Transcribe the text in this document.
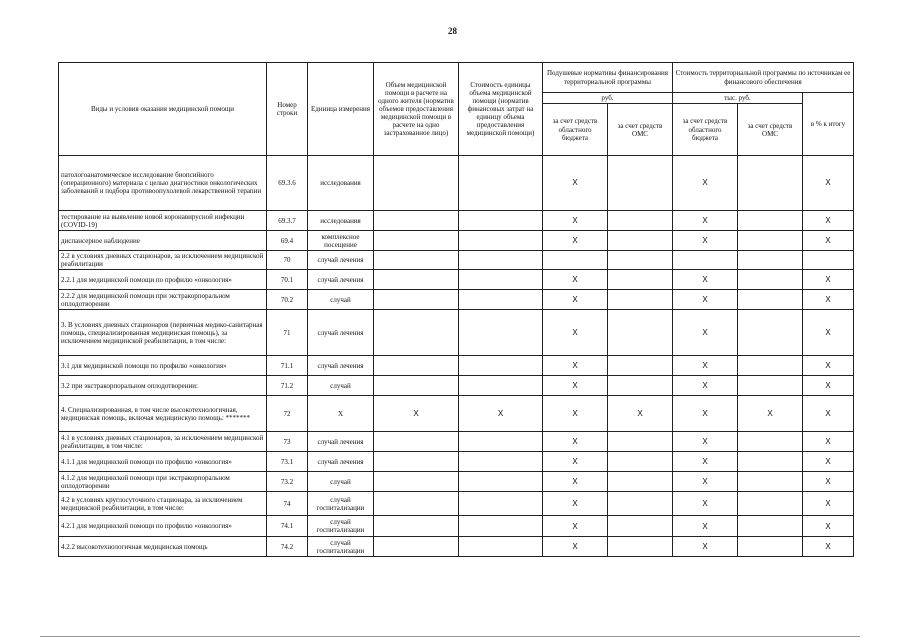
28
Виды и условия оказания медицинской помощи	Номер строки	Единица измерения	Объем медицинской помощи в расчете на одного жителя (норматив объемов предоставления медицинской помощи в расчете на одно застрахованное лицо)	Стоимость единицы объема медицинской помощи (норматив финансовых затрат на единицу объема предоставления медицинской помощи)	Подушевые нормативы финансирования территориальной программы		Стоимость территориальной программы по источникам ее финансового обеспечения		
					руб.		тыс. руб.		в % к итогу
					за счет средств областного бюджета	за счет средств ОМС	за счет средств областного бюджета	за счет средств ОМС	
патологоанатомическое исследование биопсийного (операционного) материала с целью диагностики онкологических заболеваний и подбора противоопухолевой лекарственной терапии	69.3.6	исследования			X		X		X
тестирование на выявление новой коронавирусной инфекции (COVID-19)	69.3.7	исследования			X		X		X
диспансерное наблюдение	69.4	комплексное посещение			X		X		X
2.2 в условиях дневных стационаров, за исключением медицинской реабилитации	70	случай лечения							
2.2.1 для медицинской помощи по профилю «онкология»	70.1	случай лечения			X		X		X
2.2.2 для медицинской помощи при экстракорпоральном оплодотворении	70.2	случай			X		X		X
3. В условиях дневных стационаров (первичная медико-санитарная помощь, специализированная медицинская помощь), за исключением медицинской реабилитации, в том числе:	71	случай лечения			X		X		X
3.1 для медицинской помощи по профилю «онкология»	71.1	случай лечения			X		X		X
3.2 при экстракорпоральном оплодотворении:	71.2	случай			X		X		X
4. Специализированная, в том числе высокотехнологичная, медицинская помощь, включая медицинскую помощь: *******	72	X	X	X	X	X	X	X	X
4.1 в условиях дневных стационаров, за исключением медицинской реабилитации, в том числе:	73	случай лечения			X		X		X
4.1.1 для медицинской помощи по профилю «онкология»	73.1	случай лечения			X		X		X
4.1.2 для медицинской помощи при экстракорпоральном оплодотворении	73.2	случай			X		X		X
4.2 в условиях круглосуточного стационара, за исключением медицинской реабилитации, в том числе:	74	случай госпитализации			X		X		X
4.2.1 для медицинской помощи по профилю «онкология»	74.1	случай госпитализации			X		X		X
4.2.2 высокотехнологичная медицинская помощь	74.2	случай госпитализации			X		X		X
